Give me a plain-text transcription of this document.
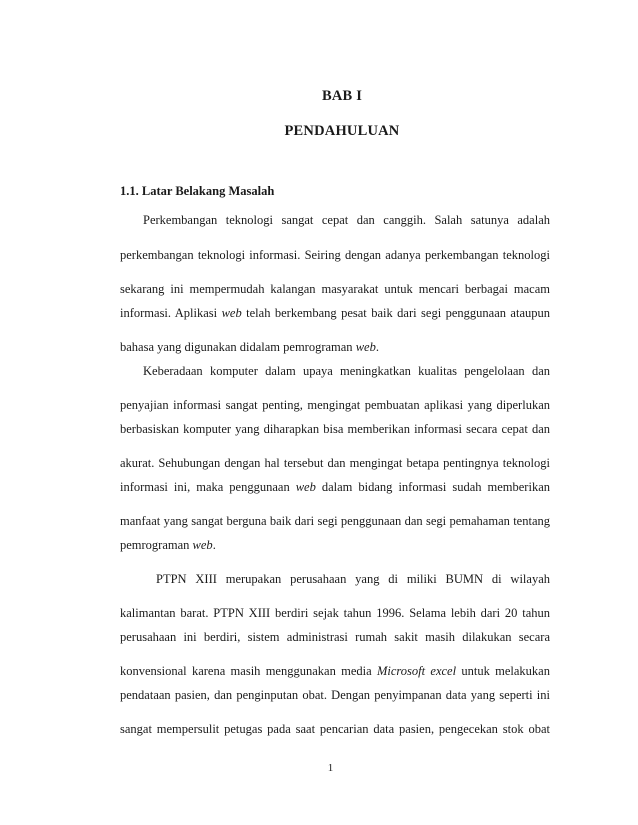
BAB I
PENDAHULUAN
1.1. Latar Belakang Masalah
Perkembangan teknologi sangat cepat dan canggih. Salah satunya adalah
perkembangan teknologi informasi. Seiring dengan adanya perkembangan teknologi
sekarang ini mempermudah kalangan masyarakat untuk mencari berbagai macam
informasi. Aplikasi web telah berkembang pesat baik dari segi penggunaan ataupun
bahasa yang digunakan didalam pemrograman web.
Keberadaan komputer dalam upaya meningkatkan kualitas pengelolaan dan
penyajian informasi sangat penting, mengingat pembuatan aplikasi yang diperlukan
berbasiskan komputer yang diharapkan bisa memberikan informasi secara cepat dan
akurat. Sehubungan dengan hal tersebut dan mengingat betapa pentingnya teknologi
informasi ini, maka penggunaan web dalam bidang informasi sudah memberikan
manfaat yang sangat berguna baik dari segi penggunaan dan segi pemahaman tentang
pemrograman web.
PTPN XIII merupakan perusahaan yang di miliki BUMN di wilayah
kalimantan barat. PTPN XIII berdiri sejak tahun 1996. Selama lebih dari 20 tahun
perusahaan ini berdiri, sistem administrasi rumah sakit masih dilakukan secara
konvensional karena masih menggunakan media Microsoft excel untuk melakukan
pendataan pasien, dan penginputan obat. Dengan penyimpanan data yang seperti ini
sangat mempersulit petugas pada saat pencarian data pasien, pengecekan stok obat
1
